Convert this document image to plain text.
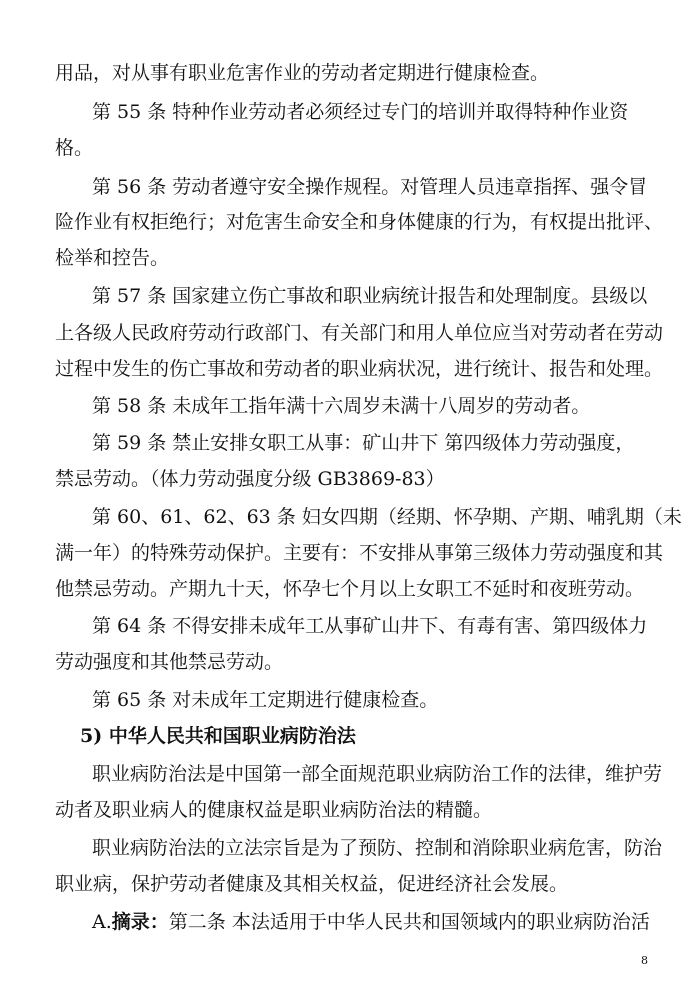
用品，对从事有职业危害作业的劳动者定期进行健康检查。
第 55 条 特种作业劳动者必须经过专门的培训并取得特种作业资
格。
第 56 条 劳动者遵守安全操作规程。对管理人员违章指挥、强令冒
险作业有权拒绝行；对危害生命安全和身体健康的行为，有权提出批评、
检举和控告。
第 57 条 国家建立伤亡事故和职业病统计报告和处理制度。县级以
上各级人民政府劳动行政部门、有关部门和用人单位应当对劳动者在劳动
过程中发生的伤亡事故和劳动者的职业病状况，进行统计、报告和处理。
第 58 条 未成年工指年满十六周岁未满十八周岁的劳动者。
第 59 条 禁止安排女职工从事：矿山井下 第四级体力劳动强度，
禁忌劳动。（体力劳动强度分级 GB3869-83）
第 60、61、62、63 条 妇女四期（经期、怀孕期、产期、哺乳期（未
满一年）的特殊劳动保护。主要有：不安排从事第三级体力劳动强度和其
他禁忌劳动。产期九十天，怀孕七个月以上女职工不延时和夜班劳动。
第 64 条 不得安排未成年工从事矿山井下、有毒有害、第四级体力
劳动强度和其他禁忌劳动。
第 65 条 对未成年工定期进行健康检查。
5) 中华人民共和国职业病防治法
职业病防治法是中国第一部全面规范职业病防治工作的法律，维护劳
动者及职业病人的健康权益是职业病防治法的精髓。
职业病防治法的立法宗旨是为了预防、控制和消除职业病危害，防治
职业病，保护劳动者健康及其相关权益，促进经济社会发展。
A.摘录：第二条 本法适用于中华人民共和国领域内的职业病防治活
8
